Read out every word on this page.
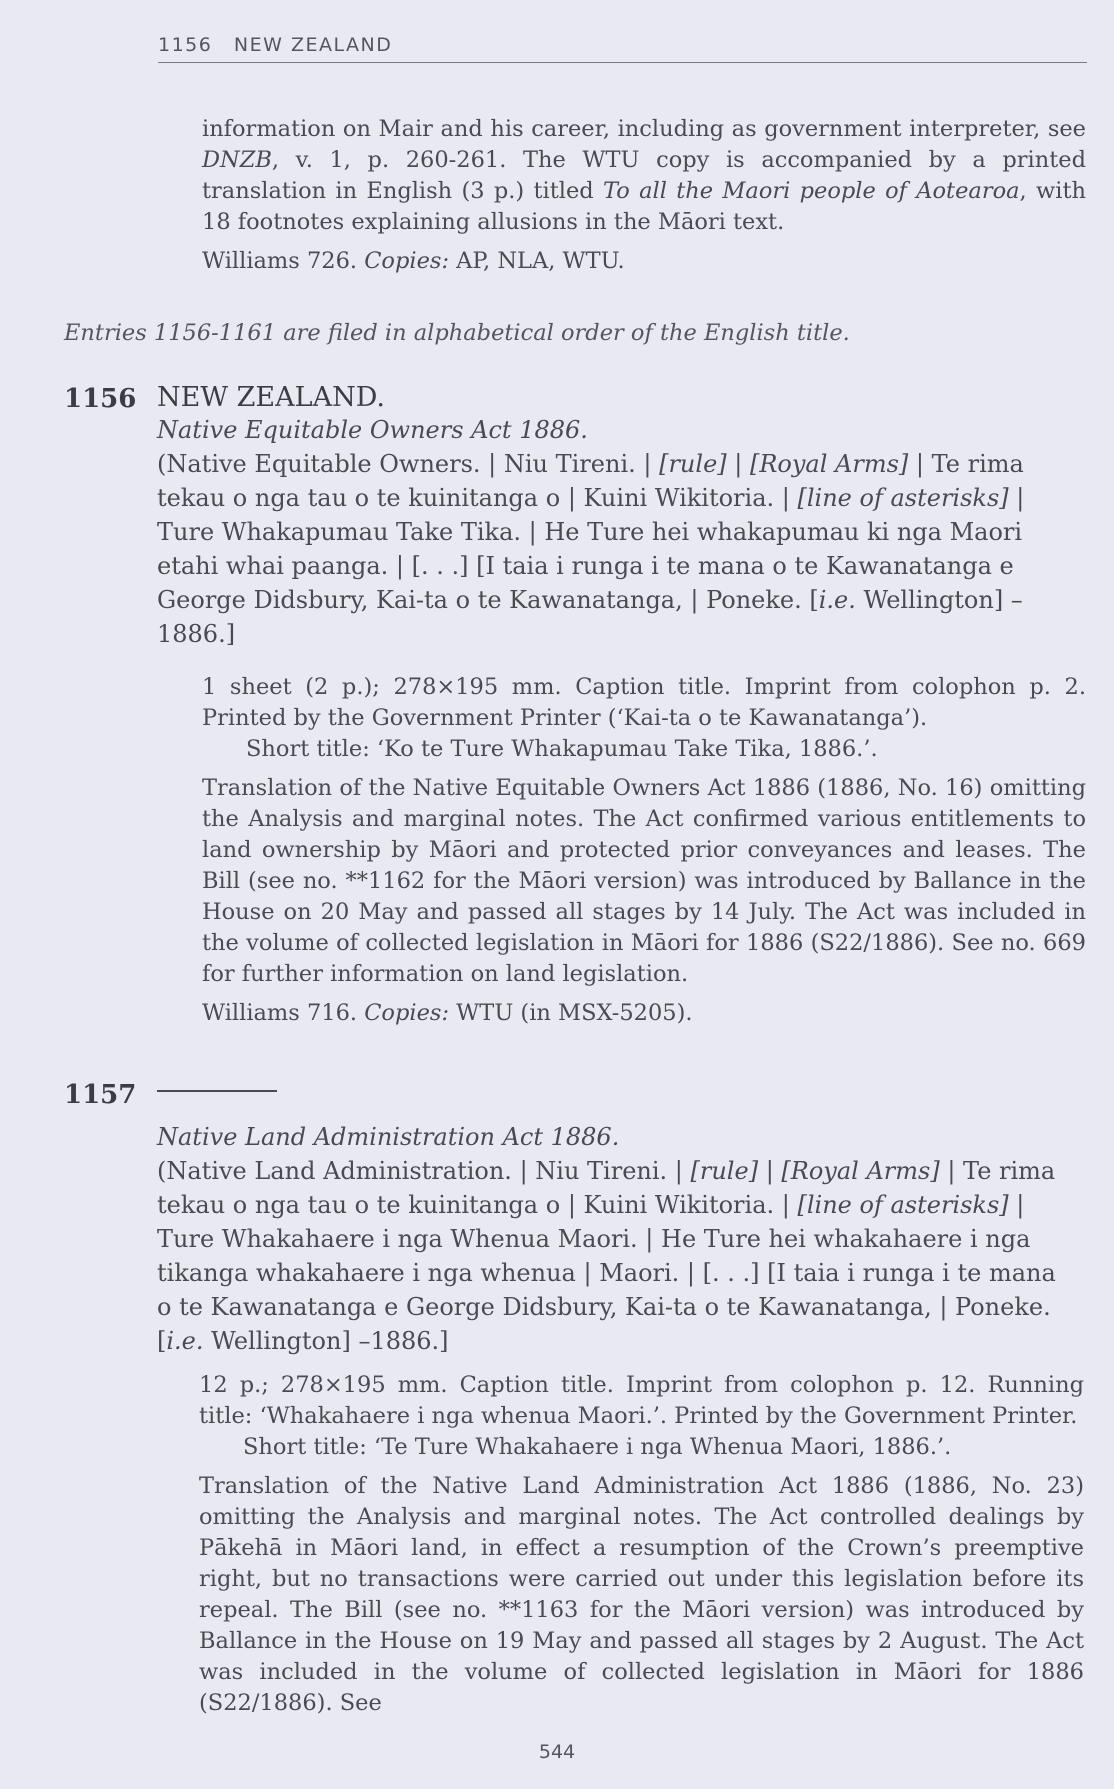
1156 NEW ZEALAND
information on Mair and his career, including as government interpreter, see DNZB, v. 1, p. 260-261. The WTU copy is accompanied by a printed translation in English (3 p.) titled To all the Maori people of Aotearoa, with 18 footnotes explaining allusions in the Māori text.
Williams 726. Copies: AP, NLA, WTU.
Entries 1156-1161 are filed in alphabetical order of the English title.
1156 NEW ZEALAND.
Native Equitable Owners Act 1886.
(Native Equitable Owners. | Niu Tireni. | [rule] | [Royal Arms] | Te rima tekau o nga tau o te kuinitanga o | Kuini Wikitoria. | [line of asterisks] | Ture Whakapumau Take Tika. | He Ture hei whakapumau ki nga Maori etahi whai paanga. | [. . .] [I taia i runga i te mana o te Kawanatanga e George Didsbury, Kai-ta o te Kawanatanga, | Poneke. [i.e. Wellington] –1886.]
1 sheet (2 p.); 278×195 mm. Caption title. Imprint from colophon p. 2. Printed by the Government Printer (‘Kai-ta o te Kawanatanga’).
Short title: ‘Ko te Ture Whakapumau Take Tika, 1886.’.
Translation of the Native Equitable Owners Act 1886 (1886, No. 16) omitting the Analysis and marginal notes. The Act confirmed various entitlements to land ownership by Māori and protected prior conveyances and leases. The Bill (see no. **1162 for the Māori version) was introduced by Ballance in the House on 20 May and passed all stages by 14 July. The Act was included in the volume of collected legislation in Māori for 1886 (S22/1886). See no. 669 for further information on land legislation.
Williams 716. Copies: WTU (in MSX-5205).
1157
Native Land Administration Act 1886.
(Native Land Administration. | Niu Tireni. | [rule] | [Royal Arms] | Te rima tekau o nga tau o te kuinitanga o | Kuini Wikitoria. | [line of asterisks] | Ture Whakahaere i nga Whenua Maori. | He Ture hei whakahaere i nga tikanga whakahaere i nga whenua | Maori. | [. . .] [I taia i runga i te mana o te Kawanatanga e George Didsbury, Kai-ta o te Kawanatanga, | Poneke. [i.e. Wellington] –1886.]
12 p.; 278×195 mm. Caption title. Imprint from colophon p. 12. Running title: ‘Whakahaere i nga whenua Maori.’. Printed by the Government Printer.
Short title: ‘Te Ture Whakahaere i nga Whenua Maori, 1886.’.
Translation of the Native Land Administration Act 1886 (1886, No. 23) omitting the Analysis and marginal notes. The Act controlled dealings by Pākehā in Māori land, in effect a resumption of the Crown’s preemptive right, but no transactions were carried out under this legislation before its repeal. The Bill (see no. **1163 for the Māori version) was introduced by Ballance in the House on 19 May and passed all stages by 2 August. The Act was included in the volume of collected legislation in Māori for 1886 (S22/1886). See
544
